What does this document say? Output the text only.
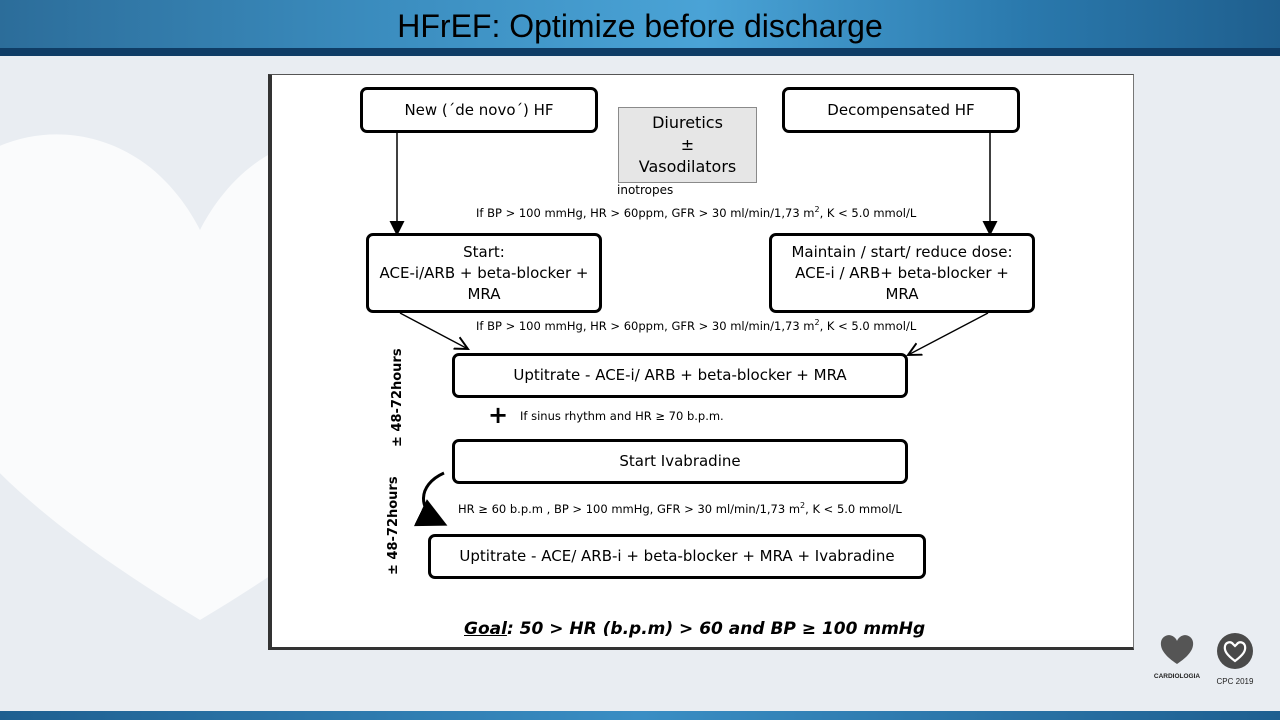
HFrEF: Optimize before discharge
New (´de novo´) HF
Diuretics
±
Vasodilators
inotropes
Decompensated HF
If BP > 100 mmHg, HR > 60ppm, GFR > 30 ml/min/1,73 $m^2$, K < 5.0 mmol/L
Start:
ACE-i/ARB + beta-blocker +
MRA
Maintain / start/ reduce dose:
ACE-i / ARB+ beta-blocker +
MRA
If BP > 100 mmHg, HR > 60ppm, GFR > 30 ml/min/1,73 $m^2$, K < 5.0 mmol/L
Uptitrate - ACE-i/ ARB + beta-blocker + MRA
+ If sinus rhythm and HR ≥ 70 b.p.m.
Start Ivabradine
HR ≥ 60 b.p.m , BP > 100 mmHg, GFR > 30 ml/min/1,73 $m^2$, K < 5.0 mmol/L
Uptitrate - ACE/ ARB-i + beta-blocker + MRA + Ivabradine
± 48-72hours
± 48-72hours
Goal: 50 > HR (b.p.m) > 60 and BP ≥ 100 mmHg
CARDIOLOGIA
CPC 2019
